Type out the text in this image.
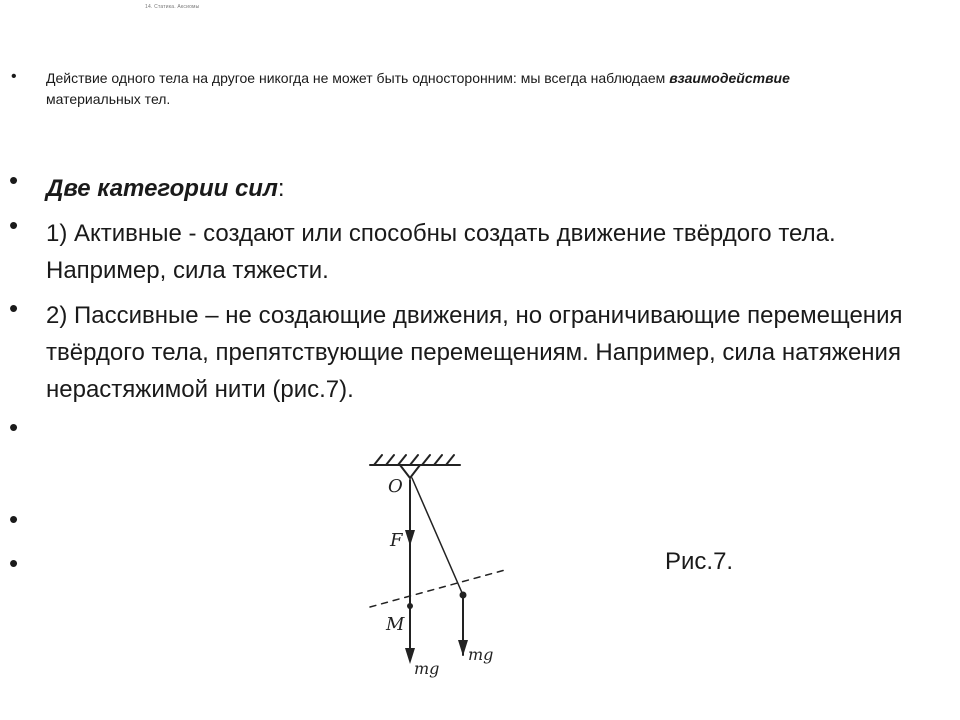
14. Статика. Аксиомы
• Действие одного тела на другое никогда не может быть односторонним: мы всегда наблюдаем взаимодействие материальных тел.
•
•
•
•
•
•
Две категории сил:
1) Активные - создают или способны создать движение твёрдого тела. Например, сила тяжести.
2) Пассивные – не создающие движения, но ограничивающие перемещения твёрдого тела, препятствующие перемещениям. Например, сила натяжения нерастяжимой нити (рис.7).
O
F
M
mg
mg
Рис.7.
